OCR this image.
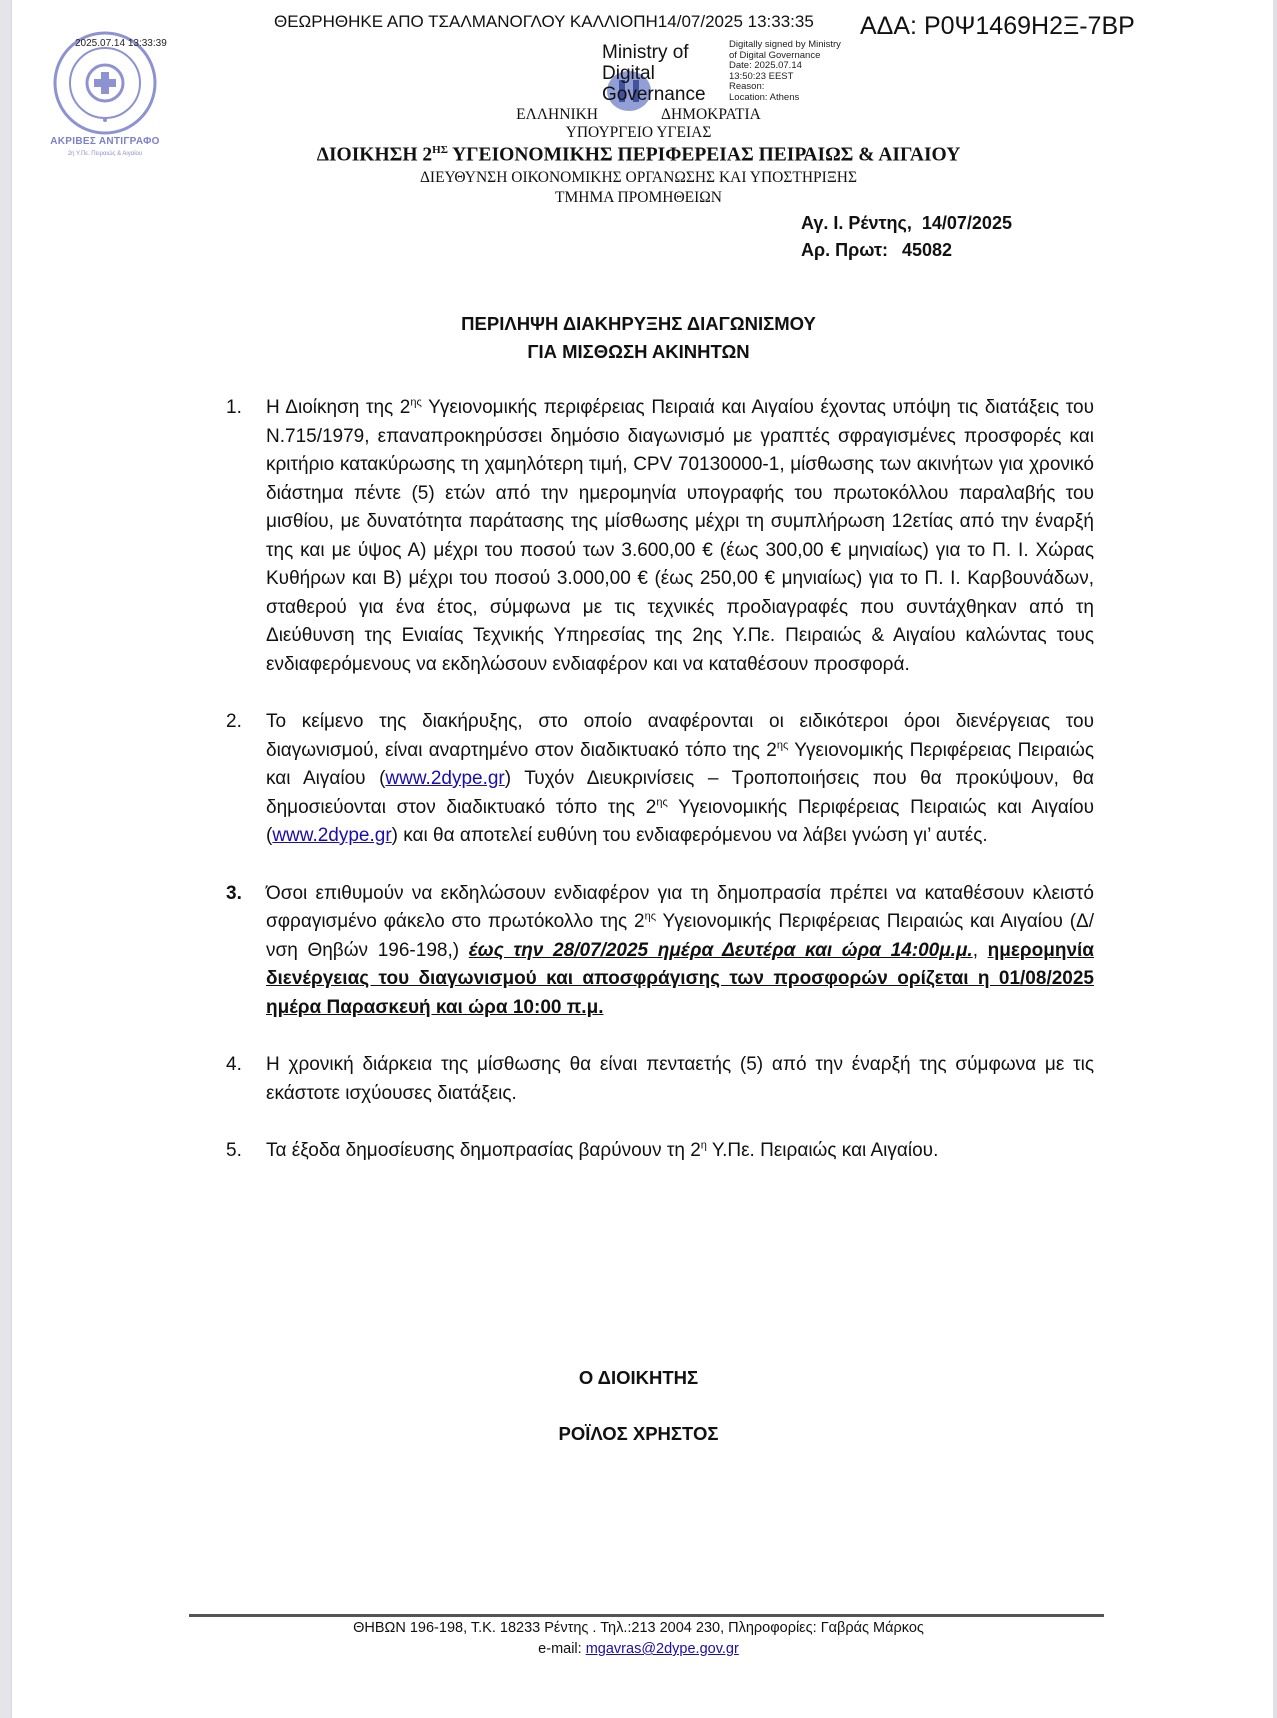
2025.07.14 13:33:39
ΑΚΡΙΒΕΣ ΑΝΤΙΓΡΑΦΟ
2η Υ.Πε. Πειραιώς & Αιγαίου
ΘΕΩΡΗΘΗΚΕ ΑΠΟ ΤΣΑΛΜΑΝΟΓΛΟΥ ΚΑΛΛΙΟΠΗ14/07/2025 13:33:35 ΑΔΑ: Ρ0Ψ1469Η2Ξ-7ΒΡ
Ministry of Digital Governance
Digitally signed by Ministry
of Digital Governance
Date: 2025.07.14
13:50:23 EEST
Reason:
Location: Athens
ΕΛΛΗΝΙΚΗ ΔΗΜΟΚΡΑΤΙΑ
ΥΠΟΥΡΓΕΙΟ ΥΓΕΙΑΣ
ΔΙΟΙΚΗΣΗ $2^{H\Sigma}$ ΥΓΕΙΟΝΟΜΙΚΗΣ ΠΕΡΙΦΕΡΕΙΑΣ ΠΕΙΡΑΙΩΣ & ΑΙΓΑΙΟΥ
ΔΙΕΥΘΥΝΣΗ ΟΙΚΟΝΟΜΙΚΗΣ ΟΡΓΑΝΩΣΗΣ ΚΑΙ ΥΠΟΣΤΗΡΙΞΗΣ
ΤΜΗΜΑ ΠΡΟΜΗΘΕΙΩΝ
Αγ. Ι. Ρέντης, 14/07/2025
Αρ. Πρωτ: 45082
ΠΕΡΙΛΗΨΗ ΔΙΑΚΗΡΥΞΗΣ ΔΙΑΓΩΝΙΣΜΟΥ
ΓΙΑ ΜΙΣΘΩΣΗ ΑΚΙΝΗΤΩΝ
1.	Η Διοίκηση της $2^{\eta\varsigma}$ Υγειονομικής περιφέρειας Πειραιά και Αιγαίου έχοντας υπόψη τις διατάξεις του Ν.715/1979, επαναπροκηρύσσει δημόσιο διαγωνισμό με γραπτές σφραγισμένες προσφορές και κριτήριο κατακύρωσης τη χαμηλότερη τιμή, CPV 70130000-1, μίσθωσης των ακινήτων για χρονικό διάστημα πέντε (5) ετών από την ημερομηνία υπογραφής του πρωτοκόλλου παραλαβής του μισθίου, με δυνατότητα παράτασης της μίσθωσης μέχρι τη συμπλήρωση 12ετίας από την έναρξή της και με ύψος Α) μέχρι του ποσού των 3.600,00 € (έως 300,00 € μηνιαίως) για το Π. Ι. Χώρας Κυθήρων και Β) μέχρι του ποσού 3.000,00 € (έως 250,00 € μηνιαίως) για το Π. Ι. Καρβουνάδων, σταθερού για ένα έτος, σύμφωνα με τις τεχνικές προδιαγραφές που συντάχθηκαν από τη Διεύθυνση της Ενιαίας Τεχνικής Υπηρεσίας της 2ης Υ.Πε. Πειραιώς & Αιγαίου καλώντας τους ενδιαφερόμενους να εκδηλώσουν ενδιαφέρον και να καταθέσουν προσφορά.
2.	Το κείμενο της διακήρυξης, στο οποίο αναφέρονται οι ειδικότεροι όροι διενέργειας του διαγωνισμού, είναι αναρτημένο στον διαδικτυακό τόπο της $2^{\eta\varsigma}$ Υγειονομικής Περιφέρειας Πειραιώς και Αιγαίου (www.2dype.gr) Τυχόν Διευκρινίσεις – Τροποποιήσεις που θα προκύψουν, θα δημοσιεύονται στον διαδικτυακό τόπο της $2^{\eta\varsigma}$ Υγειονομικής Περιφέρειας Πειραιώς και Αιγαίου (www.2dype.gr) και θα αποτελεί ευθύνη του ενδιαφερόμενου να λάβει γνώση γι’ αυτές.
3.	Όσοι επιθυμούν να εκδηλώσουν ενδιαφέρον για τη δημοπρασία πρέπει να καταθέσουν κλειστό σφραγισμένο φάκελο στο πρωτόκολλο της $2^{\eta\varsigma}$ Υγειονομικής Περιφέρειας Πειραιώς και Αιγαίου (Δ/νση Θηβών 196-198,) έως την 28/07/2025 ημέρα Δευτέρα και ώρα 14:00μ.μ., ημερομηνία διενέργειας του διαγωνισμού και αποσφράγισης των προσφορών ορίζεται η 01/08/2025 ημέρα Παρασκευή και ώρα 10:00 π.μ.
4.	Η χρονική διάρκεια της μίσθωσης θα είναι πενταετής (5) από την έναρξή της σύμφωνα με τις εκάστοτε ισχύουσες διατάξεις.
5.	Τα έξοδα δημοσίευσης δημοπρασίας βαρύνουν τη $2^\eta$ Υ.Πε. Πειραιώς και Αιγαίου.
Ο ΔΙΟΙΚΗΤΗΣ
ΡΟΪΛΟΣ ΧΡΗΣΤΟΣ
ΘΗΒΩΝ 196-198, Τ.Κ. 18233 Ρέντης . Τηλ.:213 2004 230, Πληροφορίες: Γαβράς Μάρκος
e-mail: mgavras@2dype.gov.gr
